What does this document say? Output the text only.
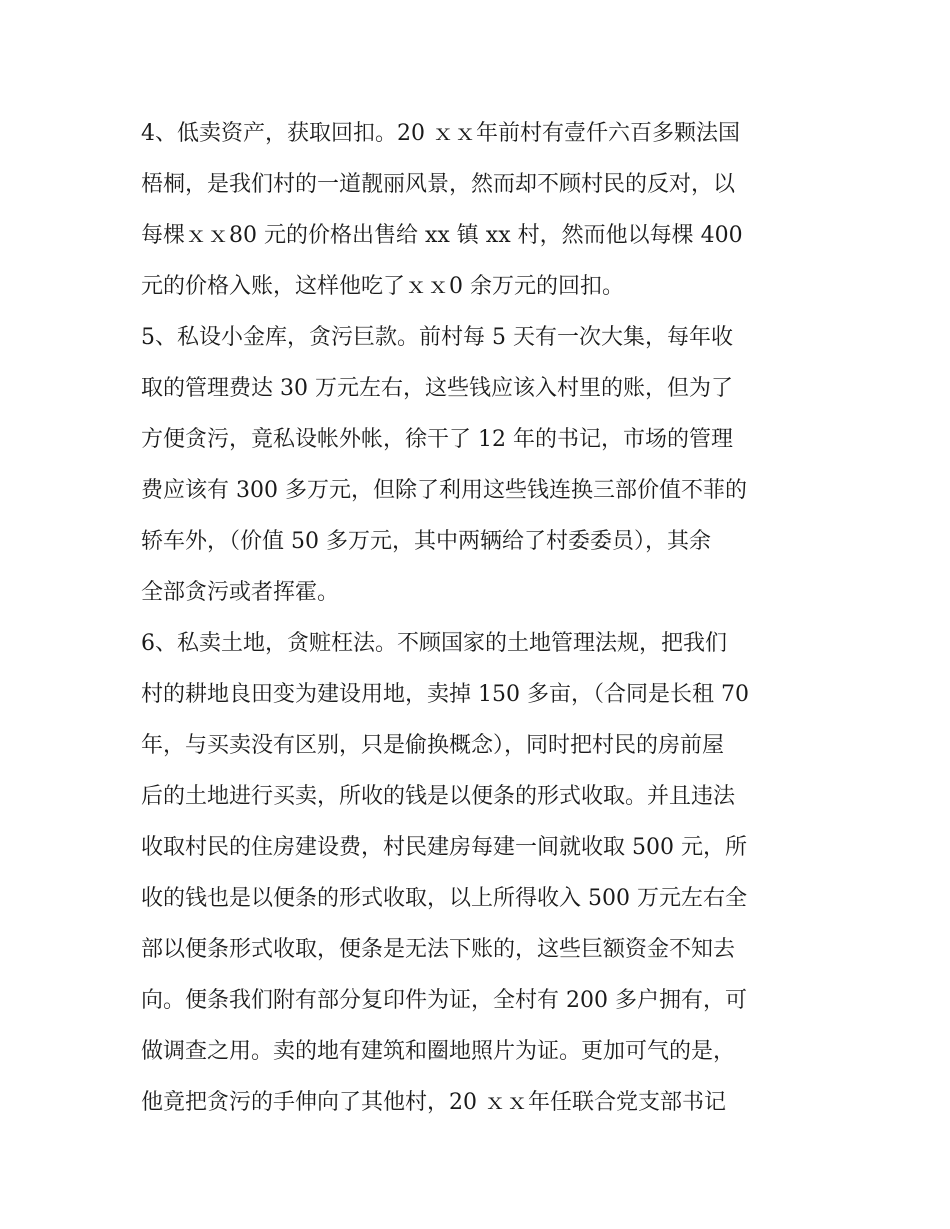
4、低卖资产，获取回扣。20 ｘｘ年前村有壹仟六百多颗法国
梧桐，是我们村的一道靓丽风景，然而却不顾村民的反对，以
每棵ｘｘ80 元的价格出售给 xx 镇 xx 村，然而他以每棵 400
元的价格入账，这样他吃了ｘｘ0 余万元的回扣。
5、私设小金库，贪污巨款。前村每 5 天有一次大集，每年收
取的管理费达 30 万元左右，这些钱应该入村里的账，但为了
方便贪污，竟私设帐外帐，徐干了 12 年的书记，市场的管理
费应该有 300 多万元，但除了利用这些钱连换三部价值不菲的
轿车外，（价值 50 多万元，其中两辆给了村委委员），其余
全部贪污或者挥霍。
6、私卖土地，贪赃枉法。不顾国家的土地管理法规，把我们
村的耕地良田变为建设用地，卖掉 150 多亩，（合同是长租 70
年，与买卖没有区别，只是偷换概念），同时把村民的房前屋
后的土地进行买卖，所收的钱是以便条的形式收取。并且违法
收取村民的住房建设费，村民建房每建一间就收取 500 元，所
收的钱也是以便条的形式收取，以上所得收入 500 万元左右全
部以便条形式收取，便条是无法下账的，这些巨额资金不知去
向。便条我们附有部分复印件为证，全村有 200 多户拥有，可
做调查之用。卖的地有建筑和圈地照片为证。更加可气的是，
他竟把贪污的手伸向了其他村，20 ｘｘ年任联合党支部书记
